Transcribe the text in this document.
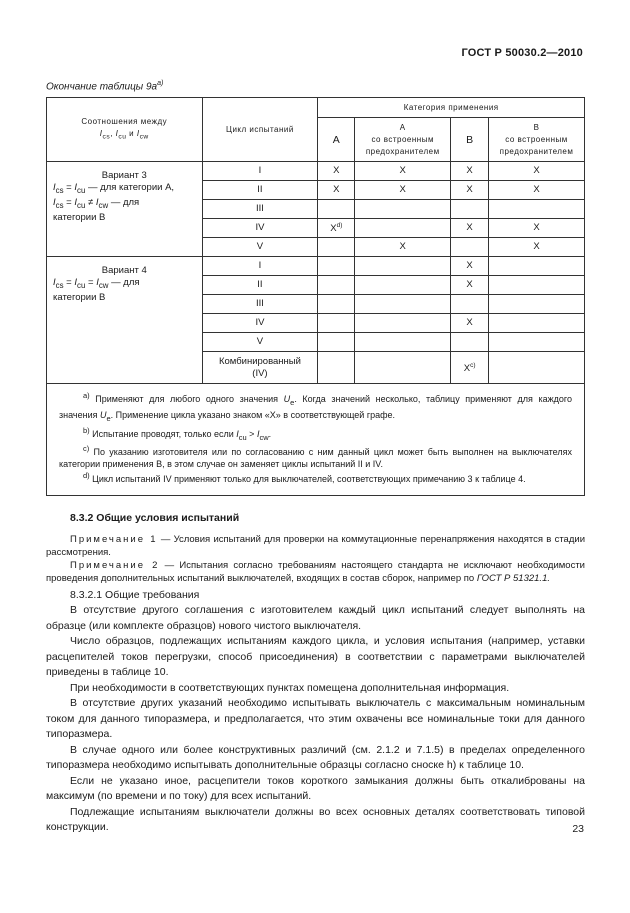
ГОСТ Р 50030.2—2010
Окончание таблицы $9а^{а)}$
Соотношения между
$I_{cs}$, $I_{cu}$ и $I_{cw}$	Цикл испытаний	Категория применения			
		А	А
со встроенным
предохранителем	В	В
со встроенным
предохранителем

Вариант 3
$I_{cs} = I_{cu}$ — для категории А,
$I_{cs} = I_{cu} \ne I_{cw}$ — для
категории В	I	X	X	X	X
	II	X	X	X	X
	III				
	IV	$X^{d)}$		X	X
	V		X		X

Вариант 4
$I_{cs} = I_{cu} = I_{cw}$ — для
категории В	I			X	
	II			X	
	III				
	IV			X	
	V				
	Комбинированный
(IV)			$X^{c)}$	

$^{а)}$ Применяют для любого одного значения $U_e$. Когда значений несколько, таблицу применяют для каждого значения $U_e$. Применение цикла указано знаком «X» в соответствующей графе.

$^{b)}$ Испытание проводят, только если $I_{cu} > I_{cw}$.

$^{c)}$ По указанию изготовителя или по согласованию с ним данный цикл может быть выполнен на выключателях категории применения В, в этом случае он заменяет циклы испытаний II и IV.

$^{d)}$ Цикл испытаний IV применяют только для выключателей, соответствующих примечанию 3 к таблице 4.					

8.3.2 Общие условия испытаний

Примечание 1 — Условия испытаний для проверки на коммутационные перенапряжения находятся в стадии рассмотрения.

Примечание 2 — Испытания согласно требованиям настоящего стандарта не исключают необходимости проведения дополнительных испытаний выключателей, входящих в состав сборок, например по ГОСТ Р 51321.1.

8.3.2.1 Общие требования

В отсутствие другого соглашения с изготовителем каждый цикл испытаний следует выполнять на образце (или комплекте образцов) нового чистого выключателя.

Число образцов, подлежащих испытаниям каждого цикла, и условия испытания (например, уставки расцепителей токов перегрузки, способ присоединения) в соответствии с параметрами выключателей приведены в таблице 10.

При необходимости в соответствующих пунктах помещена дополнительная информация.

В отсутствие других указаний необходимо испытывать выключатель с максимальным номинальным током для данного типоразмера, и предполагается, что этим охвачены все номинальные токи для данного типоразмера.

В случае одного или более конструктивных различий (см. 2.1.2 и 7.1.5) в пределах определенного типоразмера необходимо испытывать дополнительные образцы согласно сноске h) к таблице 10.

Если не указано иное, расцепители токов короткого замыкания должны быть откалиброваны на максимум (по времени и по току) для всех испытаний.

Подлежащие испытаниям выключатели должны во всех основных деталях соответствовать типовой конструкции.	23
